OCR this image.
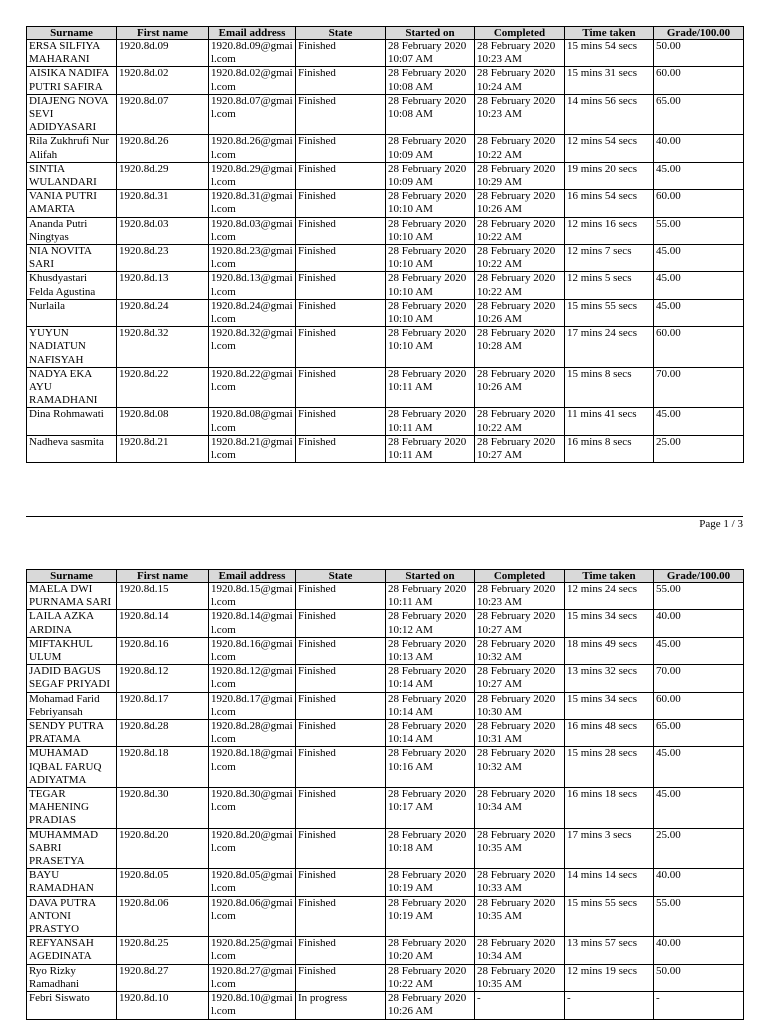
Surname	First name	Email address	State	Started on	Completed	Time taken	Grade/100.00
ERSA SILFIYA MAHARANI	1920.8d.09	1920.8d.09@gmail.com	Finished	28 February 2020 10:07 AM	28 February 2020 10:23 AM	15 mins 54 secs	50.00
AISIKA NADIFA PUTRI SAFIRA	1920.8d.02	1920.8d.02@gmail.com	Finished	28 February 2020 10:08 AM	28 February 2020 10:24 AM	15 mins 31 secs	60.00
DIAJENG NOVA SEVI ADIDYASARI	1920.8d.07	1920.8d.07@gmail.com	Finished	28 February 2020 10:08 AM	28 February 2020 10:23 AM	14 mins 56 secs	65.00
Rila Zukhrufi Nur Alifah	1920.8d.26	1920.8d.26@gmail.com	Finished	28 February 2020 10:09 AM	28 February 2020 10:22 AM	12 mins 54 secs	40.00
SINTIA WULANDARI	1920.8d.29	1920.8d.29@gmail.com	Finished	28 February 2020 10:09 AM	28 February 2020 10:29 AM	19 mins 20 secs	45.00
VANIA PUTRI AMARTA	1920.8d.31	1920.8d.31@gmail.com	Finished	28 February 2020 10:10 AM	28 February 2020 10:26 AM	16 mins 54 secs	60.00
Ananda Putri Ningtyas	1920.8d.03	1920.8d.03@gmail.com	Finished	28 February 2020 10:10 AM	28 February 2020 10:22 AM	12 mins 16 secs	55.00
NIA NOVITA SARI	1920.8d.23	1920.8d.23@gmail.com	Finished	28 February 2020 10:10 AM	28 February 2020 10:22 AM	12 mins 7 secs	45.00
Khusdyastari Felda Agustina	1920.8d.13	1920.8d.13@gmail.com	Finished	28 February 2020 10:10 AM	28 February 2020 10:22 AM	12 mins 5 secs	45.00
Nurlaila	1920.8d.24	1920.8d.24@gmail.com	Finished	28 February 2020 10:10 AM	28 February 2020 10:26 AM	15 mins 55 secs	45.00
YUYUN NADIATUN NAFISYAH	1920.8d.32	1920.8d.32@gmail.com	Finished	28 February 2020 10:10 AM	28 February 2020 10:28 AM	17 mins 24 secs	60.00
NADYA EKA AYU RAMADHANI	1920.8d.22	1920.8d.22@gmail.com	Finished	28 February 2020 10:11 AM	28 February 2020 10:26 AM	15 mins 8 secs	70.00
Dina Rohmawati	1920.8d.08	1920.8d.08@gmail.com	Finished	28 February 2020 10:11 AM	28 February 2020 10:22 AM	11 mins 41 secs	45.00
Nadheva sasmita	1920.8d.21	1920.8d.21@gmail.com	Finished	28 February 2020 10:11 AM	28 February 2020 10:27 AM	16 mins 8 secs	25.00
Page 1 / 3
Surname	First name	Email address	State	Started on	Completed	Time taken	Grade/100.00
MAELA DWI PURNAMA SARI	1920.8d.15	1920.8d.15@gmail.com	Finished	28 February 2020 10:11 AM	28 February 2020 10:23 AM	12 mins 24 secs	55.00
LAILA AZKA ARDINA	1920.8d.14	1920.8d.14@gmail.com	Finished	28 February 2020 10:12 AM	28 February 2020 10:27 AM	15 mins 34 secs	40.00
MIFTAKHUL ULUM	1920.8d.16	1920.8d.16@gmail.com	Finished	28 February 2020 10:13 AM	28 February 2020 10:32 AM	18 mins 49 secs	45.00
JADID BAGUS SEGAF PRIYADI	1920.8d.12	1920.8d.12@gmail.com	Finished	28 February 2020 10:14 AM	28 February 2020 10:27 AM	13 mins 32 secs	70.00
Mohamad Farid Febriyansah	1920.8d.17	1920.8d.17@gmail.com	Finished	28 February 2020 10:14 AM	28 February 2020 10:30 AM	15 mins 34 secs	60.00
SENDY PUTRA PRATAMA	1920.8d.28	1920.8d.28@gmail.com	Finished	28 February 2020 10:14 AM	28 February 2020 10:31 AM	16 mins 48 secs	65.00
MUHAMAD IQBAL FARUQ ADIYATMA	1920.8d.18	1920.8d.18@gmail.com	Finished	28 February 2020 10:16 AM	28 February 2020 10:32 AM	15 mins 28 secs	45.00
TEGAR MAHENING PRADIAS	1920.8d.30	1920.8d.30@gmail.com	Finished	28 February 2020 10:17 AM	28 February 2020 10:34 AM	16 mins 18 secs	45.00
MUHAMMAD SABRI PRASETYA	1920.8d.20	1920.8d.20@gmail.com	Finished	28 February 2020 10:18 AM	28 February 2020 10:35 AM	17 mins 3 secs	25.00
BAYU RAMADHAN	1920.8d.05	1920.8d.05@gmail.com	Finished	28 February 2020 10:19 AM	28 February 2020 10:33 AM	14 mins 14 secs	40.00
DAVA PUTRA ANTONI PRASTYO	1920.8d.06	1920.8d.06@gmail.com	Finished	28 February 2020 10:19 AM	28 February 2020 10:35 AM	15 mins 55 secs	55.00
REFYANSAH AGEDINATA	1920.8d.25	1920.8d.25@gmail.com	Finished	28 February 2020 10:20 AM	28 February 2020 10:34 AM	13 mins 57 secs	40.00
Ryo Rizky Ramadhani	1920.8d.27	1920.8d.27@gmail.com	Finished	28 February 2020 10:22 AM	28 February 2020 10:35 AM	12 mins 19 secs	50.00
Febri Siswato	1920.8d.10	1920.8d.10@gmail.com	In progress	28 February 2020 10:26 AM	-	-	-
